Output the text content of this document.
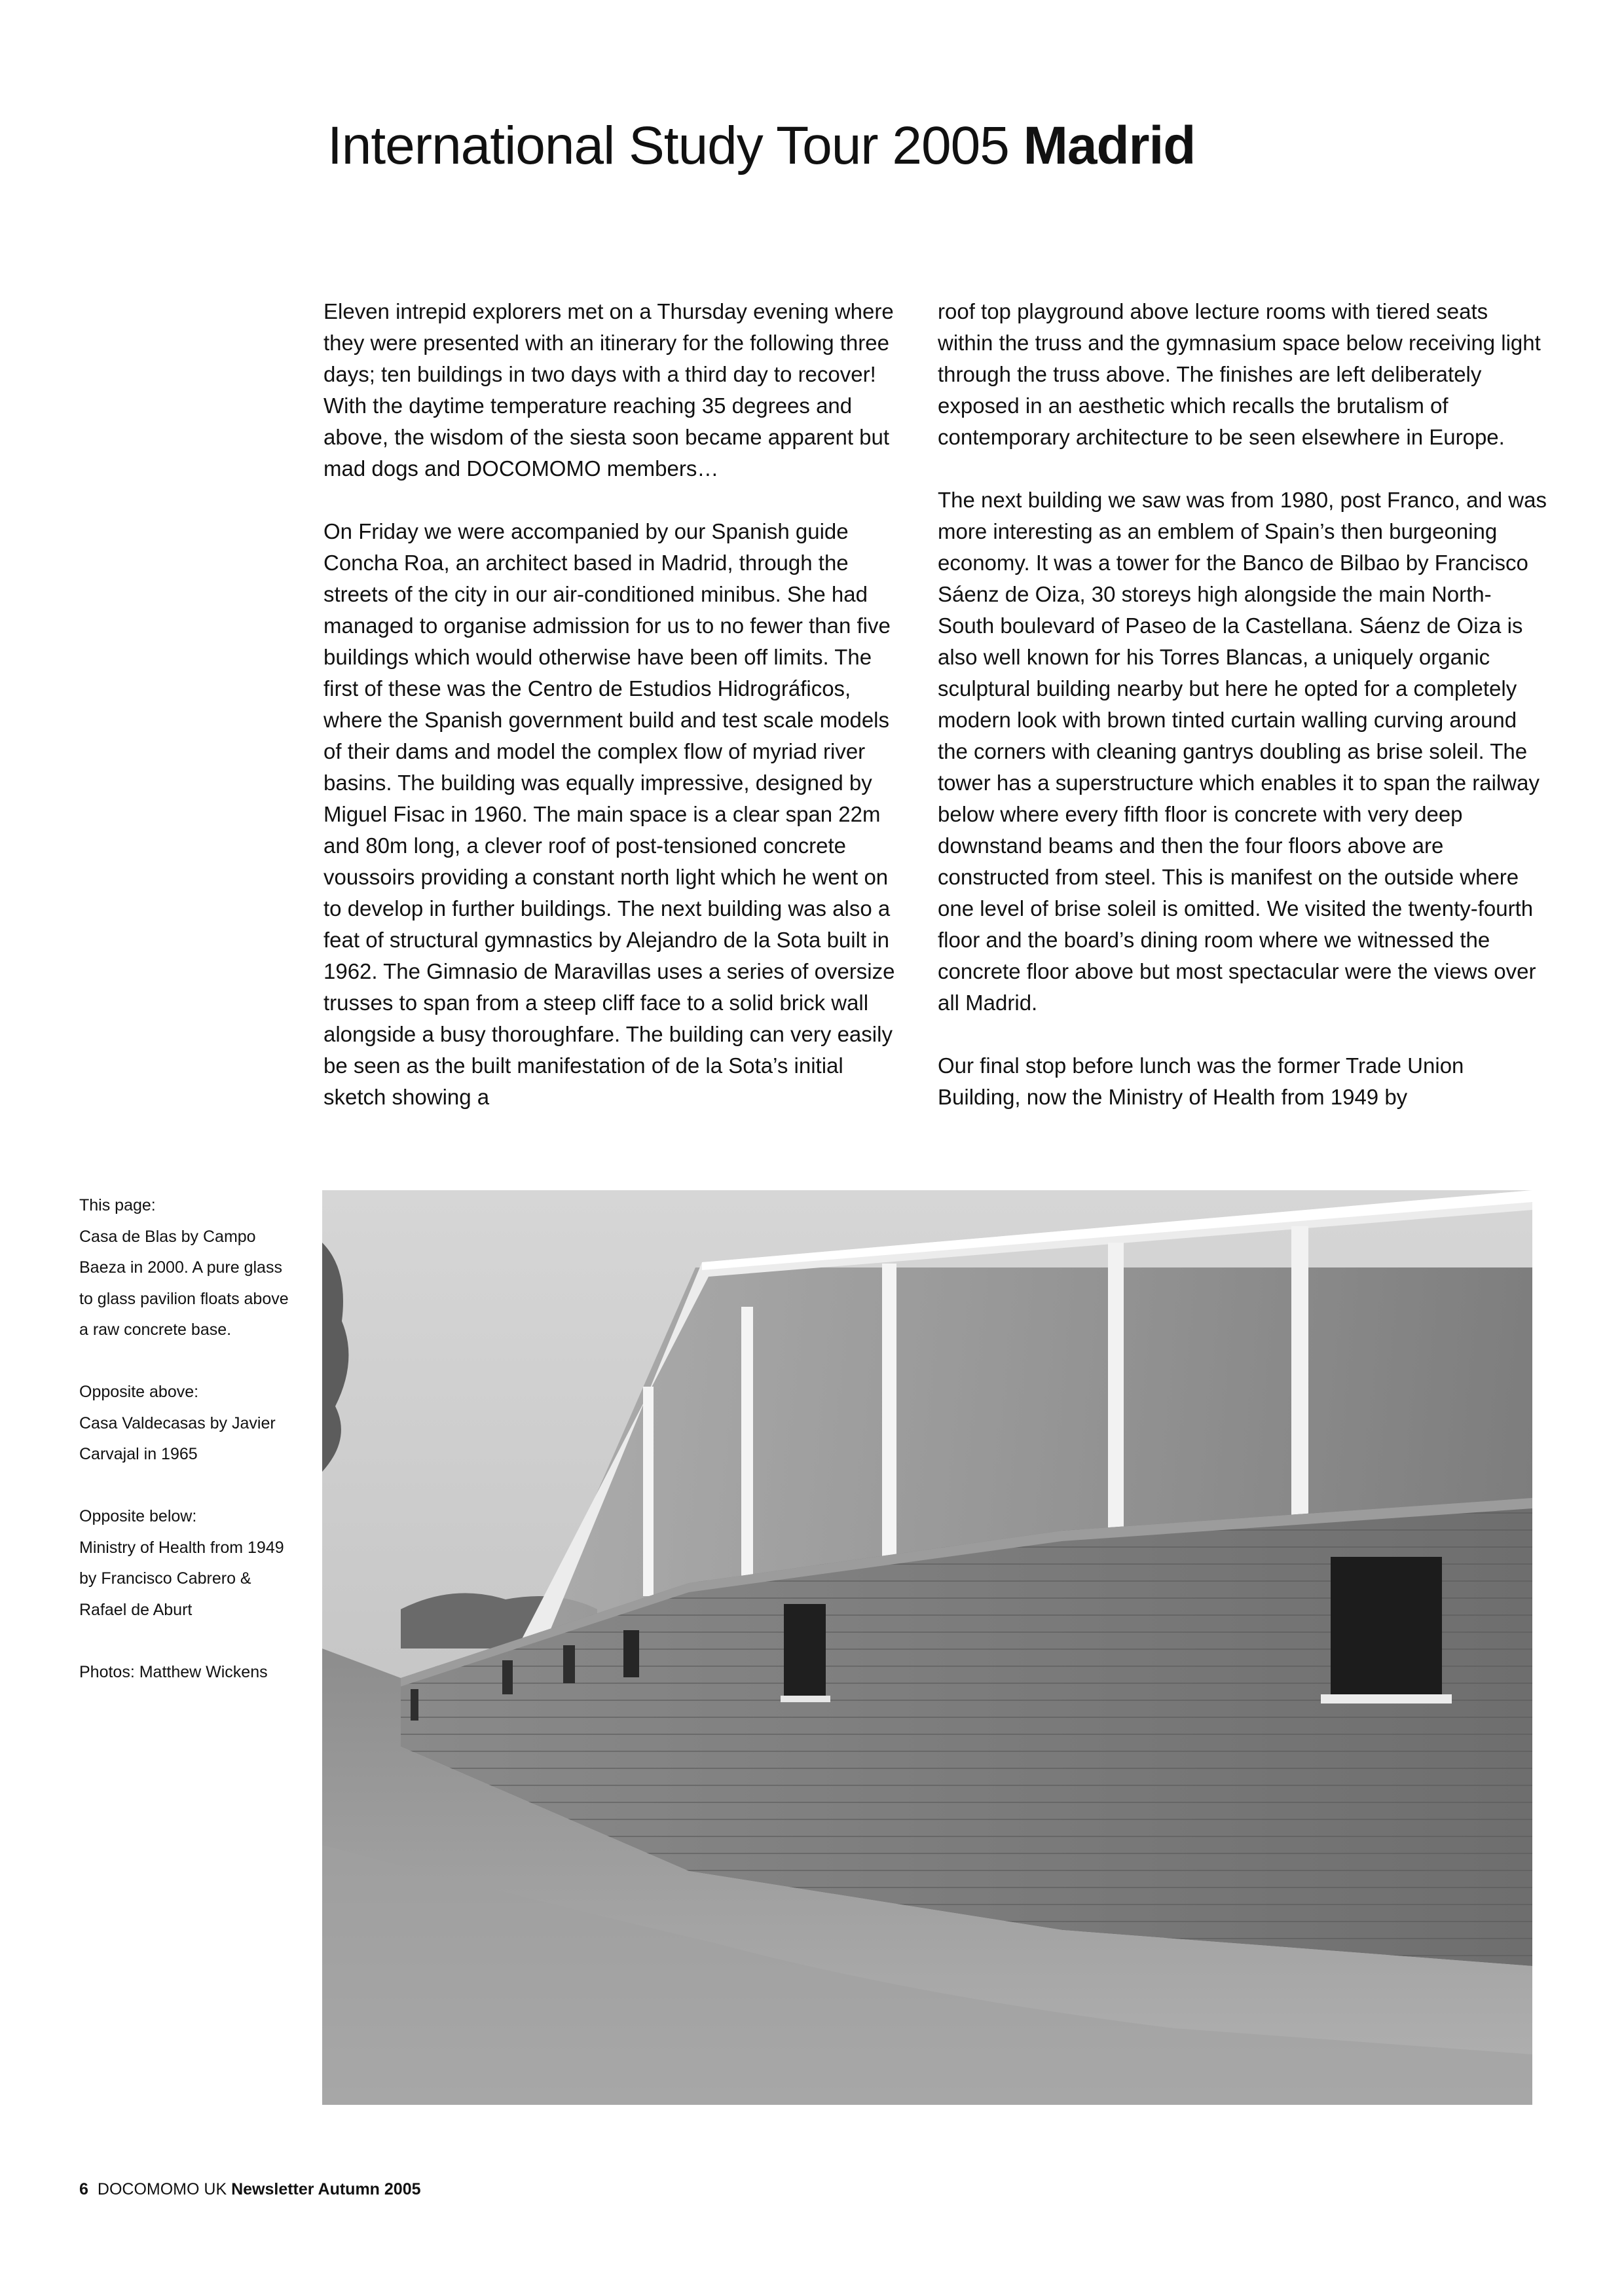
International Study Tour 2005 Madrid

Eleven intrepid explorers met on a Thursday evening where they were presented with an itinerary for the following three days; ten buildings in two days with a third day to recover! With the daytime temperature reaching 35 degrees and above, the wisdom of the siesta soon became apparent but mad dogs and DOCOMOMO members…

On Friday we were accompanied by our Spanish guide Concha Roa, an architect based in Madrid, through the streets of the city in our air-conditioned minibus. She had managed to organise admission for us to no fewer than five buildings which would otherwise have been off limits. The first of these was the Centro de Estudios Hidrográficos, where the Spanish government build and test scale models of their dams and model the complex flow of myriad river basins. The building was equally impressive, designed by Miguel Fisac in 1960. The main space is a clear span 22m and 80m long, a clever roof of post-tensioned concrete voussoirs providing a constant north light which he went on to develop in further buildings. The next building was also a feat of structural gymnastics by Alejandro de la Sota built in 1962. The Gimnasio de Maravillas uses a series of oversize trusses to span from a steep cliff face to a solid brick wall alongside a busy thoroughfare. The building can very easily be seen as the built manifestation of de la Sota’s initial sketch showing a

roof top playground above lecture rooms with tiered seats within the truss and the gymnasium space below receiving light through the truss above. The finishes are left deliberately exposed in an aesthetic which recalls the brutalism of contemporary architecture to be seen elsewhere in Europe.

The next building we saw was from 1980, post Franco, and was more interesting as an emblem of Spain’s then burgeoning economy. It was a tower for the Banco de Bilbao by Francisco Sáenz de Oiza, 30 storeys high alongside the main North-South boulevard of Paseo de la Castellana. Sáenz de Oiza is also well known for his Torres Blancas, a uniquely organic sculptural building nearby but here he opted for a completely modern look with brown tinted curtain walling curving around the corners with cleaning gantrys doubling as brise soleil. The tower has a superstructure which enables it to span the railway below where every fifth floor is concrete with very deep downstand beams and then the four floors above are constructed from steel. This is manifest on the outside where one level of brise soleil is omitted. We visited the twenty-fourth floor and the board’s dining room where we witnessed the concrete floor above but most spectacular were the views over all Madrid.

Our final stop before lunch was the former Trade Union Building, now the Ministry of Health from 1949 by

This page:
Casa de Blas by Campo Baeza in 2000. A pure glass to glass pavilion floats above a raw concrete base.

Opposite above:
Casa Valdecasas by Javier Carvajal in 1965

Opposite below:
Ministry of Health from 1949 by Francisco Cabrero & Rafael de Aburt

Photos: Matthew Wickens

6 DOCOMOMO UK Newsletter Autumn 2005
